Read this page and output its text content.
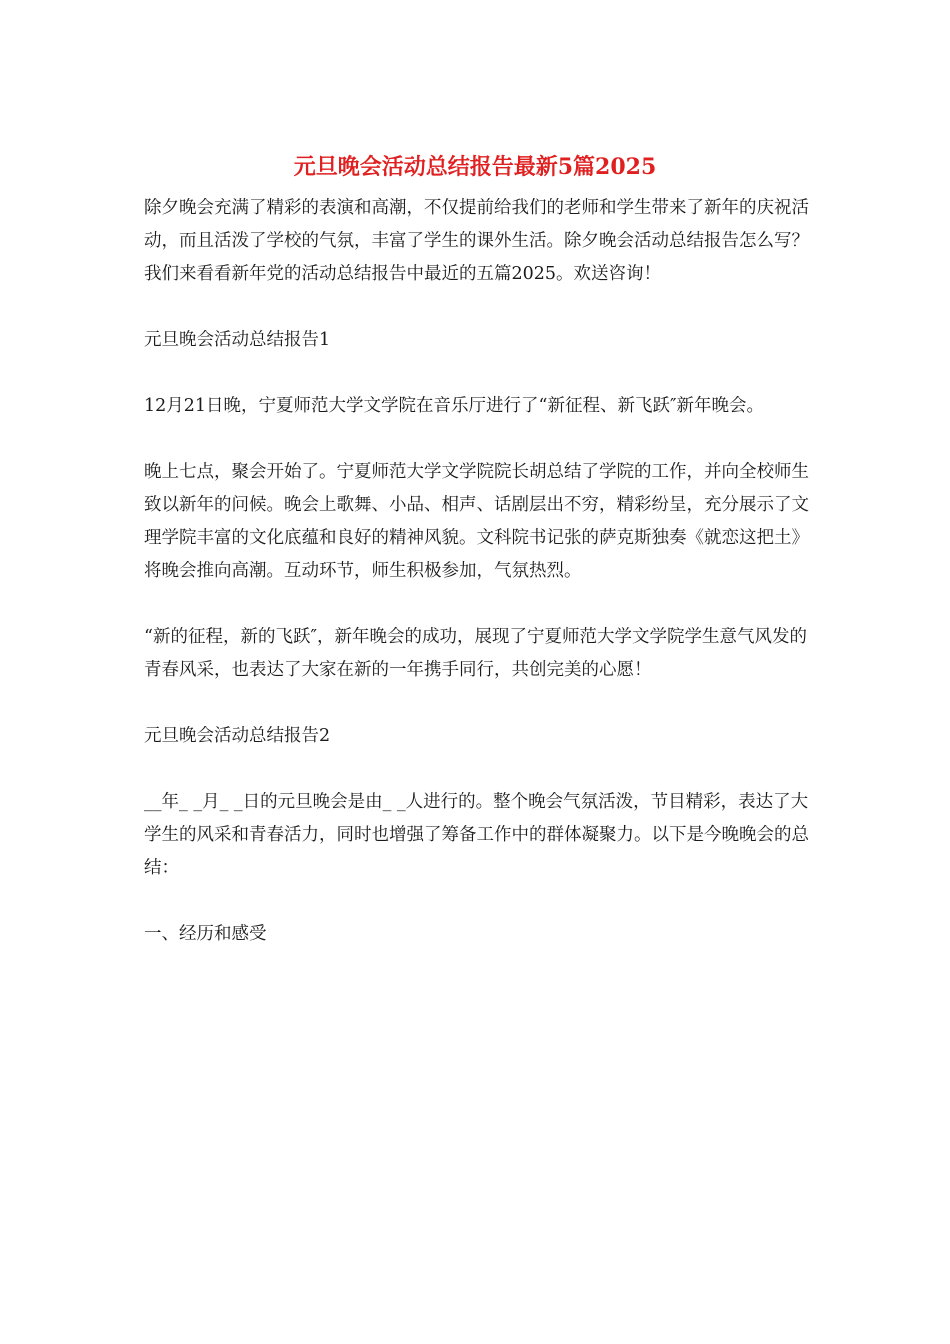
元旦晚会活动总结报告最新5篇2025

除夕晚会充满了精彩的表演和高潮，不仅提前给我们的老师和学生带来了新年的庆祝活动，而且活泼了学校的气氛，丰富了学生的课外生活。除夕晚会活动总结报告怎么写？我们来看看新年党的活动总结报告中最近的五篇2025。欢送咨询！

元旦晚会活动总结报告1

12月21日晚，宁夏师范大学文学院在音乐厅进行了“新征程、新飞跃″新年晚会。

晚上七点，聚会开始了。宁夏师范大学文学院院长胡总结了学院的工作，并向全校师生致以新年的问候。晚会上歌舞、小品、相声、话剧层出不穷，精彩纷呈，充分展示了文理学院丰富的文化底蕴和良好的精神风貌。文科院书记张的萨克斯独奏《就恋这把土》将晚会推向高潮。互动环节，师生积极参加，气氛热烈。

“新的征程，新的飞跃″，新年晚会的成功，展现了宁夏师范大学文学院学生意气风发的青春风采，也表达了大家在新的一年携手同行，共创完美的心愿！

元旦晚会活动总结报告2

__年_ _月_ _日的元旦晚会是由_ _人进行的。整个晚会气氛活泼，节目精彩，表达了大学生的风采和青春活力，同时也增强了筹备工作中的群体凝聚力。以下是今晚晚会的总结：

一、经历和感受
